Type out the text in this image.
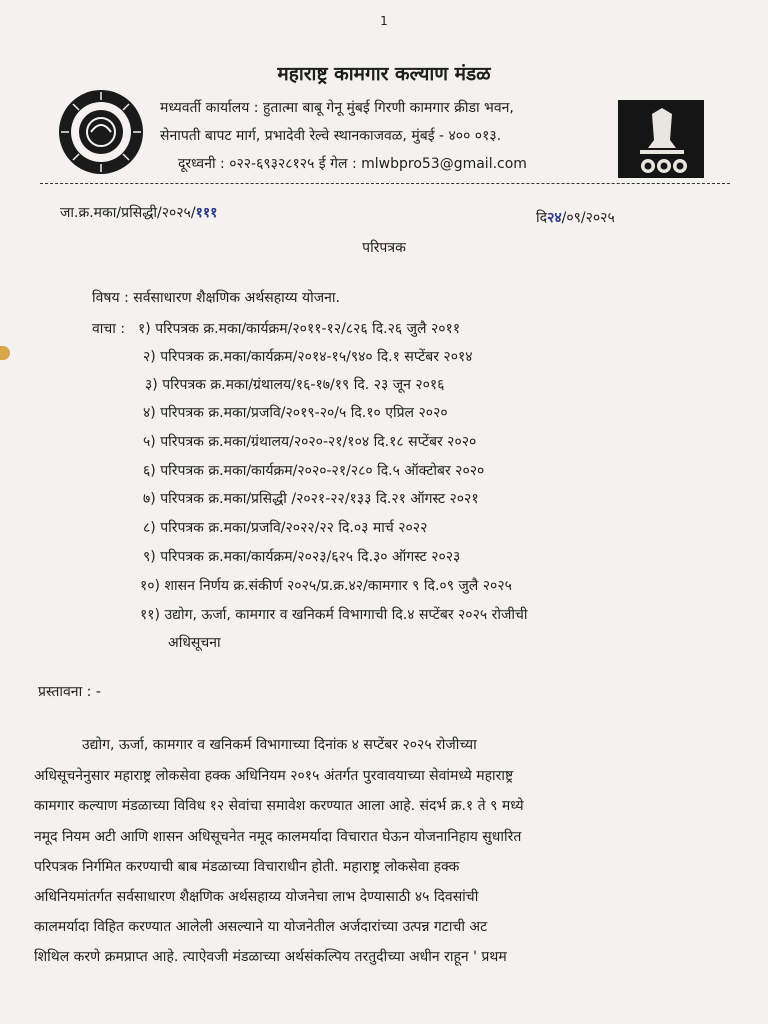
1
महाराष्ट्र कामगार कल्याण मंडळ
मध्यवर्ती कार्यालय : हुतात्मा बाबू गेनू मुंबई गिरणी कामगार क्रीडा भवन,
सेनापती बापट मार्ग, प्रभादेवी रेल्वे स्थानकाजवळ, मुंबई - ४०० ०१३.
दूरध्वनी : ०२२-६९३२८१२५ ई गेल : mlwbpro53@gmail.com
जा.क्र.मका/प्रसिद्धी/२०२५/१११	दि२४/०९/२०२५
परिपत्रक
विषय : सर्वसाधारण शैक्षणिक अर्थसहाय्य योजना.
वाचा : १) परिपत्रक क्र.मका/कार्यक्रम/२०११-१२/८२६ दि.२६ जुलै २०११
२) परिपत्रक क्र.मका/कार्यक्रम/२०१४-१५/९४० दि.१ सप्टेंबर २०१४
३) परिपत्रक क्र.मका/ग्रंथालय/१६-१७/१९ दि. २३ जून २०१६
४) परिपत्रक क्र.मका/प्रजवि/२०१९-२०/५ दि.१० एप्रिल २०२०
५) परिपत्रक क्र.मका/ग्रंथालय/२०२०-२१/१०४ दि.१८ सप्टेंबर २०२०
६) परिपत्रक क्र.मका/कार्यक्रम/२०२०-२१/२८० दि.५ ऑक्टोबर २०२०
७) परिपत्रक क्र.मका/प्रसिद्धी /२०२१-२२/१३३ दि.२१ ऑगस्ट २०२१
८) परिपत्रक क्र.मका/प्रजवि/२०२२/२२ दि.०३ मार्च २०२२
९) परिपत्रक क्र.मका/कार्यक्रम/२०२३/६२५ दि.३० ऑगस्ट २०२३
१०) शासन निर्णय क्र.संकीर्ण २०२५/प्र.क्र.४२/कामगार ९ दि.०९ जुलै २०२५
११) उद्योग, ऊर्जा, कामगार व खनिकर्म विभागाची दि.४ सप्टेंबर २०२५ रोजीची
अधिसूचना
प्रस्तावना : -
उद्योग, ऊर्जा, कामगार व खनिकर्म विभागाच्या दिनांक ४ सप्टेंबर २०२५ रोजीच्या
अधिसूचनेनुसार महाराष्ट्र लोकसेवा हक्क अधिनियम २०१५ अंतर्गत पुरवावयाच्या सेवांमध्ये महाराष्ट्र
कामगार कल्याण मंडळाच्या विविध १२ सेवांचा समावेश करण्यात आला आहे. संदर्भ क्र.१ ते ९ मध्ये
नमूद नियम अटी आणि शासन अधिसूचनेत नमूद कालमर्यादा विचारात घेऊन योजनानिहाय सुधारित
परिपत्रक निर्गमित करण्याची बाब मंडळाच्या विचाराधीन होती. महाराष्ट्र लोकसेवा हक्क
अधिनियमांतर्गत सर्वसाधारण शैक्षणिक अर्थसहाय्य योजनेचा लाभ देण्यासाठी ४५ दिवसांची
कालमर्यादा विहित करण्यात आलेली असल्याने या योजनेतील अर्जदारांच्या उत्पन्न गटाची अट
शिथिल करणे क्रमप्राप्त आहे. त्याऐवजी मंडळाच्या अर्थसंकल्पिय तरतुदीच्या अधीन राहून ' प्रथम
